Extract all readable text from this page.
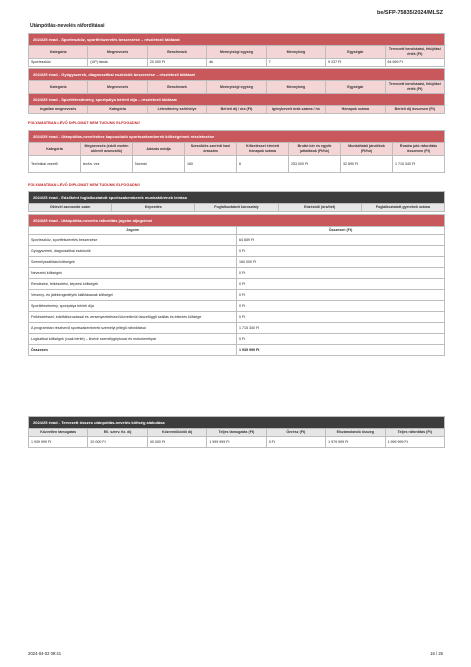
be/SFP-75835/2024/MLSZ
Utánpótlás-nevelés ráfordításai
2024/25 évad - Sporteszköz, sportfelszerelés beszerzése – részletező táblázat						
Kategória	Megnevezés	Benchmark	Mennyiségi egység	Mennyiség	Egységár	Tervezett beruházási, felújítási érték (Ft)
Sporteszköz	(UP) labda	20 000 Ft	db	7	9 237 Ft	64 659 Ft
2024/25 évad - Gyógyszerek, diagnosztikai eszközök beszerzése – részletező táblázat
Kategória	Megnevezés	Benchmark	Mennyiségi egység	Mennyiség	Egységár	Tervezett beruházási, felújítási érték (Ft)
2024/25 évad - Sportlétesítmény, sportpálya bérleti díja – részletező táblázat
Ingatlan megnevezés	Kategória	Létesítmény székhelye	Bérleti díj / óra (Ft)	Igénybevett órák száma / hó	Hónapok száma	Bérleti díj összesen (Ft)
FOLYAMATBAN LÉVŐ DIPLOMÁT NEM TUDUNK ELFOGADNI!
2024/25 évad - Utánpótlás-neveléshez kapcsolódó sportszakemberek költségeinek részletezése							
Kategória	Megnevezés (edző esetén oklevél azonosító)	Adózás módja	Szerződés szerinti havi óraszám	Kifizetéssel érintett hónapok száma	Bruttó bér és egyéb juttatások (Ft/hó)	Munkáltatói járulékok (Ft/hó)	Évadra jutó ráfordítás összesen (Ft)
Technikai vezető	techn. vez	Normál	160	6	253 000 Ft	32 890 Ft	1 715 340 Ft
FOLYAMATBAN LÉVŐ DIPLOMÁT NEM TUDUNK ELFOGADNI!
2024/25 évad - Edzőként foglalkoztatott sportszakemberek munkakörének leírása
Oklevél azonosító szám	Képesítés	Foglalkoztatott korosztály	Edzésidő (óra/hét)	Foglalkoztatott gyerekek száma
2024/25 évad - Utánpótlás-nevelés ráfordítás jogcím aljogcímei	
Jogcím	Összesen (Ft)
Sporteszköz, sportfelszerelés beszerzése	64 659 Ft
Gyógyszerek, diagnosztikai eszközök	0 Ft
Személyszállítási költségek	160 000 Ft
Nevezési költségek	0 Ft
Rendezési, felkészítési, képzési költségek	0 Ft
Verseny- és játékengedélyek kiállításának költségei	0 Ft
Sportlétesítmény, sportpálya bérleti díja	0 Ft
Felkészítéssel, edzőtáborozással és versenyeztetéssel közvetlenül összefüggő szállás és étkezés költsége	0 Ft
A programban résztvevő sportszakemberek személyi jellegű ráfordításai	1 715 340 Ft
Logisztikai költségek (csak bérlet) – kivéve személygépkocsi és motorkerékpár	0 Ft
Összesen	1 939 999 Ft
2024/25 évad - Tervezett összes utánpótlás-nevelés költség alakulása						
Közvetlen támogatás	Ell. szerv. fiz. díj	Közreműködői díj	Teljes támogatás (Ft)	Önrész (Ft)	Elszámolandó összeg	Teljes ráfordítás (Ft)
1 939 999 Ft	20 000 Ft	40 000 Ft	1 999 999 Ft	0 Ft	1 979 999 Ft	1 999 999 Ft
2024-04-02 09:41	16 / 26
